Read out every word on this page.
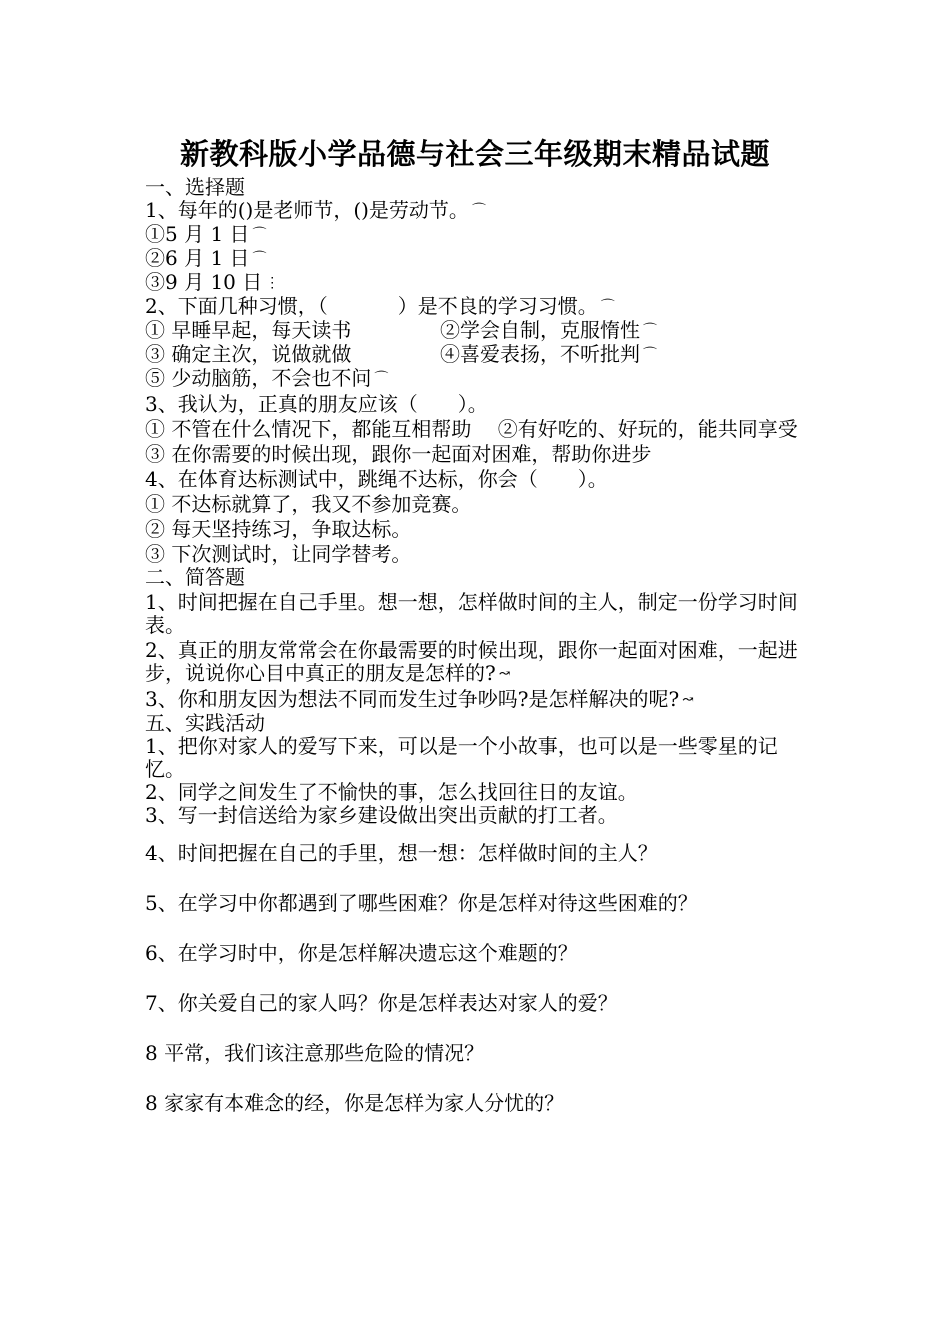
新教科版小学品德与社会三年级期末精品试题
一、选择题
1、每年的()是老师节，()是劳动节。 ⌒
①5 月 1 日 ⌒
②6 月 1 日 ⌒
③9 月 10 日 ⋮
2、下面几种习惯，（	）是不良的学习习惯。 ⌒
① 早睡早起，每天读书	②学会自制，克服惰性 ⌒
③ 确定主次，说做就做	④喜爱表扬，不听批判 ⌒
⑤ 少动脑筋，不会也不问 ⌒
3、我认为，正真的朋友应该（　　）。
① 不管在什么情况下，都能互相帮助　 ②有好吃的、好玩的，能共同享受
③ 在你需要的时候出现，跟你一起面对困难，帮助你进步
4、在体育达标测试中，跳绳不达标，你会（　　）。
① 不达标就算了，我又不参加竞赛。
② 每天坚持练习，争取达标。
③ 下次测试时，让同学替考。
二、简答题
1、时间把握在自己手里。想一想，怎样做时间的主人，制定一份学习时间表。
2、真正的朋友常常会在你最需要的时候出现，跟你一起面对困难，一起进步，说说你心目中真正的朋友是怎样的? ↝
3、你和朋友因为想法不同而发生过争吵吗?是怎样解决的呢? ↝
五、实践活动
1、把你对家人的爱写下来，可以是一个小故事，也可以是一些零星的记忆。
2、同学之间发生了不愉快的事，怎么找回往日的友谊。
3、写一封信送给为家乡建设做出突出贡献的打工者。
4、时间把握在自己的手里，想一想：怎样做时间的主人？
5、在学习中你都遇到了哪些困难？你是怎样对待这些困难的？
6、在学习时中，你是怎样解决遗忘这个难题的？
7、你关爱自己的家人吗？你是怎样表达对家人的爱？
8 平常，我们该注意那些危险的情况？
8 家家有本难念的经，你是怎样为家人分忧的？
